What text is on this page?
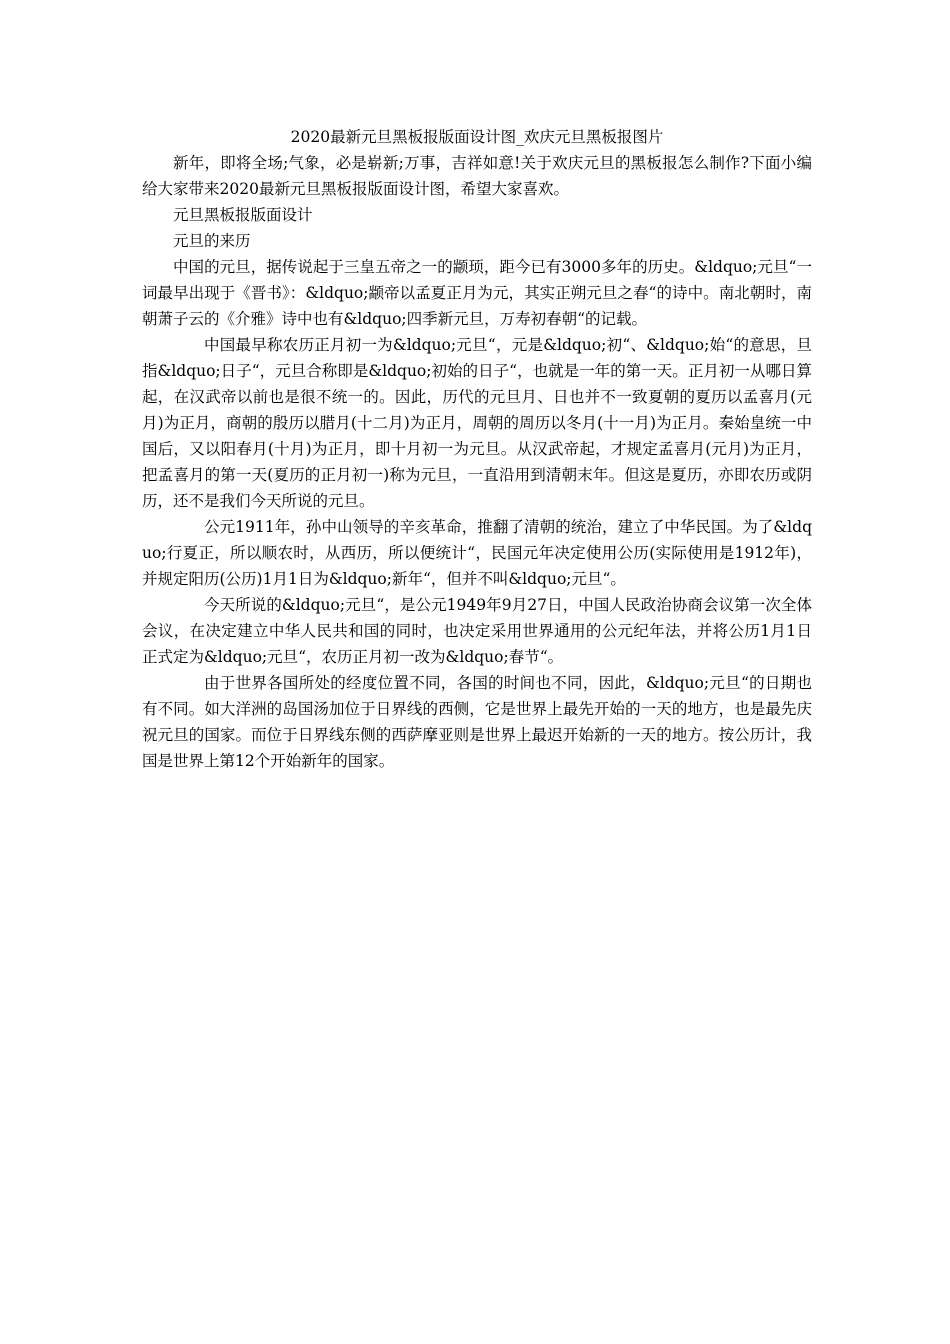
2020最新元旦黑板报版面设计图_欢庆元旦黑板报图片

新年，即将全场;气象，必是崭新;万事，吉祥如意!关于欢庆元旦的黑板报怎么制作?下面小编给大家带来2020最新元旦黑板报版面设计图，希望大家喜欢。

元旦黑板报版面设计

元旦的来历

中国的元旦，据传说起于三皇五帝之一的颛顼，距今已有3000多年的历史。&ldquo;元旦“一词最早出现于《晋书》：&ldquo;颛帝以孟夏正月为元，其实正朔元旦之春“的诗中。南北朝时，南朝萧子云的《介雅》诗中也有&ldquo;四季新元旦，万寿初春朝“的记载。

中国最早称农历正月初一为&ldquo;元旦“，元是&ldquo;初“、&ldquo;始“的意思，旦指&ldquo;日子“，元旦合称即是&ldquo;初始的日子“，也就是一年的第一天。正月初一从哪日算起，在汉武帝以前也是很不统一的。因此，历代的元旦月、日也并不一致夏朝的夏历以孟喜月(元月)为正月，商朝的殷历以腊月(十二月)为正月，周朝的周历以冬月(十一月)为正月。秦始皇统一中国后，又以阳春月(十月)为正月，即十月初一为元旦。从汉武帝起，才规定孟喜月(元月)为正月，把孟喜月的第一天(夏历的正月初一)称为元旦，一直沿用到清朝末年。但这是夏历，亦即农历或阴历，还不是我们今天所说的元旦。

公元1911年，孙中山领导的辛亥革命，推翻了清朝的统治，建立了中华民国。为了&ldquo;行夏正，所以顺农时，从西历，所以便统计“，民国元年决定使用公历(实际使用是1912年)，并规定阳历(公历)1月1日为&ldquo;新年“，但并不叫&ldquo;元旦“。

今天所说的&ldquo;元旦“，是公元1949年9月27日，中国人民政治协商会议第一次全体会议，在决定建立中华人民共和国的同时，也决定采用世界通用的公元纪年法，并将公历1月1日正式定为&ldquo;元旦“，农历正月初一改为&ldquo;春节“。

由于世界各国所处的经度位置不同，各国的时间也不同，因此，&ldquo;元旦“的日期也有不同。如大洋洲的岛国汤加位于日界线的西侧，它是世界上最先开始的一天的地方，也是最先庆祝元旦的国家。而位于日界线东侧的西萨摩亚则是世界上最迟开始新的一天的地方。按公历计，我国是世界上第12个开始新年的国家。
